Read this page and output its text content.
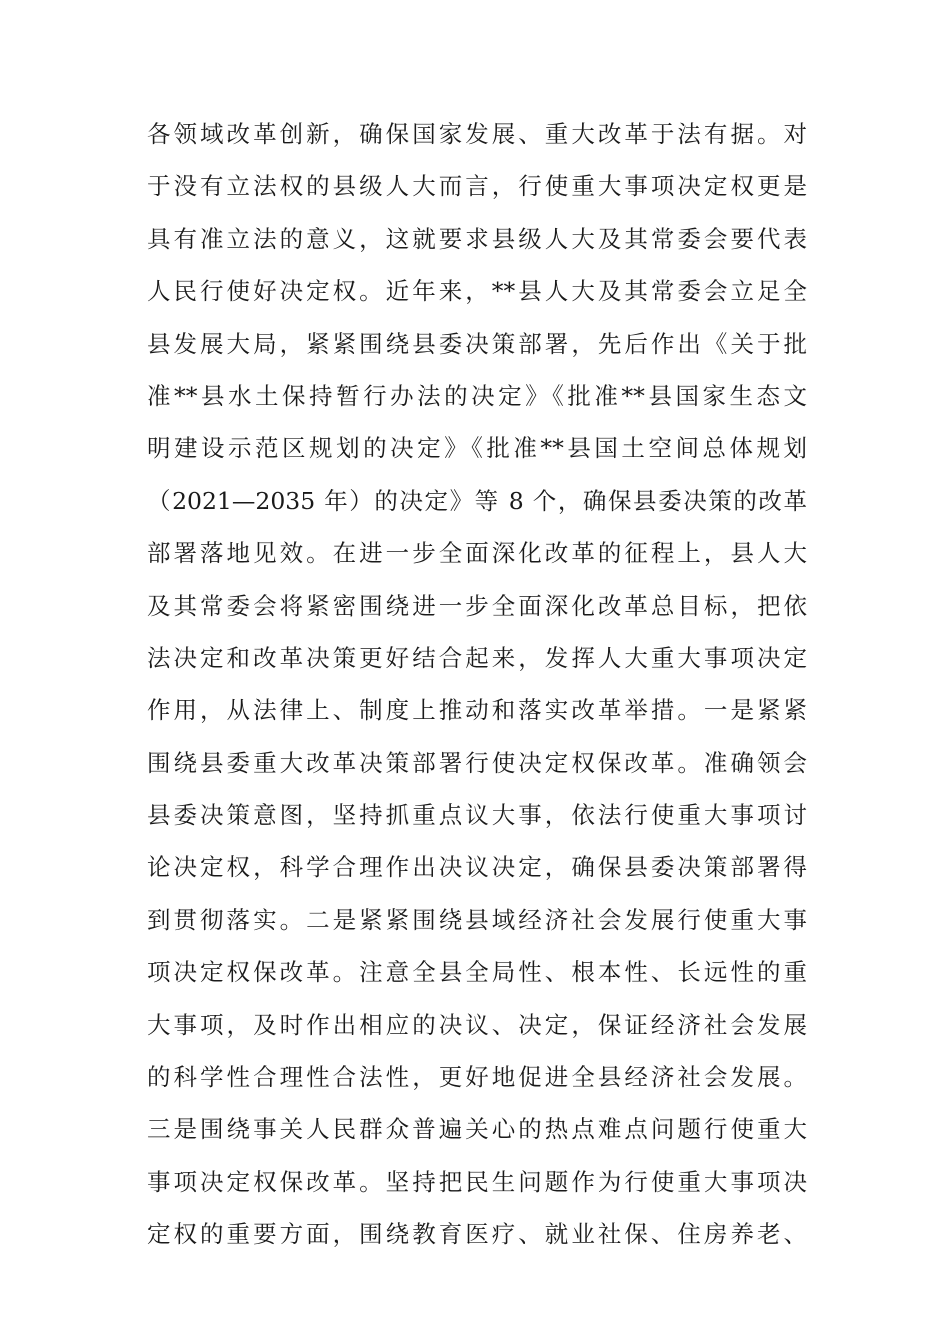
各领域改革创新，确保国家发展、重大改革于法有据。对
于没有立法权的县级人大而言，行使重大事项决定权更是
具有准立法的意义，这就要求县级人大及其常委会要代表
人民行使好决定权。近年来，**县人大及其常委会立足全
县发展大局，紧紧围绕县委决策部署，先后作出《关于批
准**县水土保持暂行办法的决定》《批准**县国家生态文
明建设示范区规划的决定》《批准**县国土空间总体规划
（2021—2035 年）的决定》等 8 个，确保县委决策的改革
部署落地见效。在进一步全面深化改革的征程上，县人大
及其常委会将紧密围绕进一步全面深化改革总目标，把依
法决定和改革决策更好结合起来，发挥人大重大事项决定
作用，从法律上、制度上推动和落实改革举措。一是紧紧
围绕县委重大改革决策部署行使决定权保改革。准确领会
县委决策意图，坚持抓重点议大事，依法行使重大事项讨
论决定权，科学合理作出决议决定，确保县委决策部署得
到贯彻落实。二是紧紧围绕县域经济社会发展行使重大事
项决定权保改革。注意全县全局性、根本性、长远性的重
大事项，及时作出相应的决议、决定，保证经济社会发展
的科学性合理性合法性，更好地促进全县经济社会发展。
三是围绕事关人民群众普遍关心的热点难点问题行使重大
事项决定权保改革。坚持把民生问题作为行使重大事项决
定权的重要方面，围绕教育医疗、就业社保、住房养老、
